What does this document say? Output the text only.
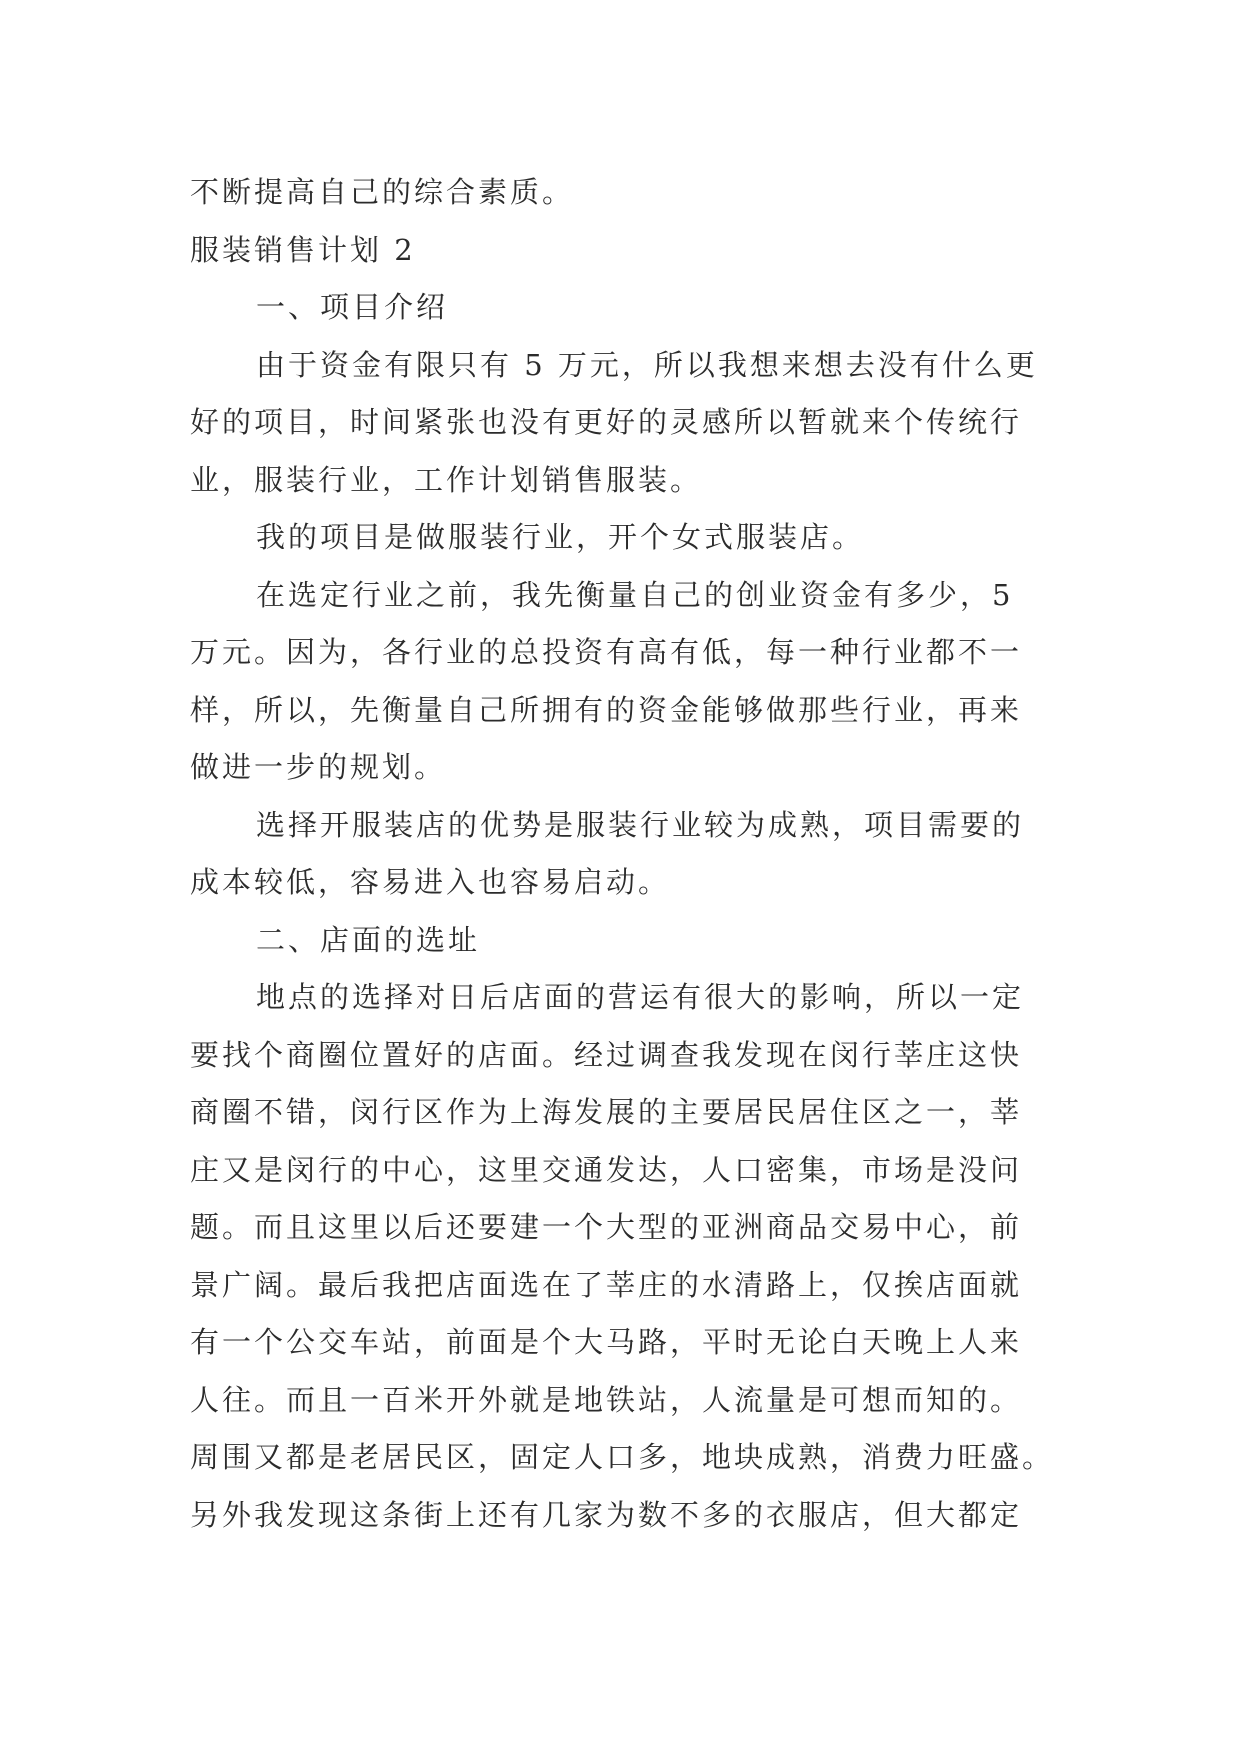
不断提高自己的综合素质。

服装销售计划 2

一、项目介绍

由于资金有限只有 5 万元，所以我想来想去没有什么更

好的项目，时间紧张也没有更好的灵感所以暂就来个传统行

业，服装行业，工作计划销售服装。

我的项目是做服装行业，开个女式服装店。

在选定行业之前，我先衡量自己的创业资金有多少，5

万元。因为，各行业的总投资有高有低，每一种行业都不一

样，所以，先衡量自己所拥有的资金能够做那些行业，再来

做进一步的规划。

选择开服装店的优势是服装行业较为成熟，项目需要的

成本较低，容易进入也容易启动。

二、店面的选址

地点的选择对日后店面的营运有很大的影响，所以一定

要找个商圈位置好的店面。经过调查我发现在闵行莘庄这快

商圈不错，闵行区作为上海发展的主要居民居住区之一，莘

庄又是闵行的中心，这里交通发达，人口密集，市场是没问

题。而且这里以后还要建一个大型的亚洲商品交易中心，前

景广阔。最后我把店面选在了莘庄的水清路上，仅挨店面就

有一个公交车站，前面是个大马路，平时无论白天晚上人来

人往。而且一百米开外就是地铁站，人流量是可想而知的。

周围又都是老居民区，固定人口多，地块成熟，消费力旺盛。

另外我发现这条街上还有几家为数不多的衣服店，但大都定
